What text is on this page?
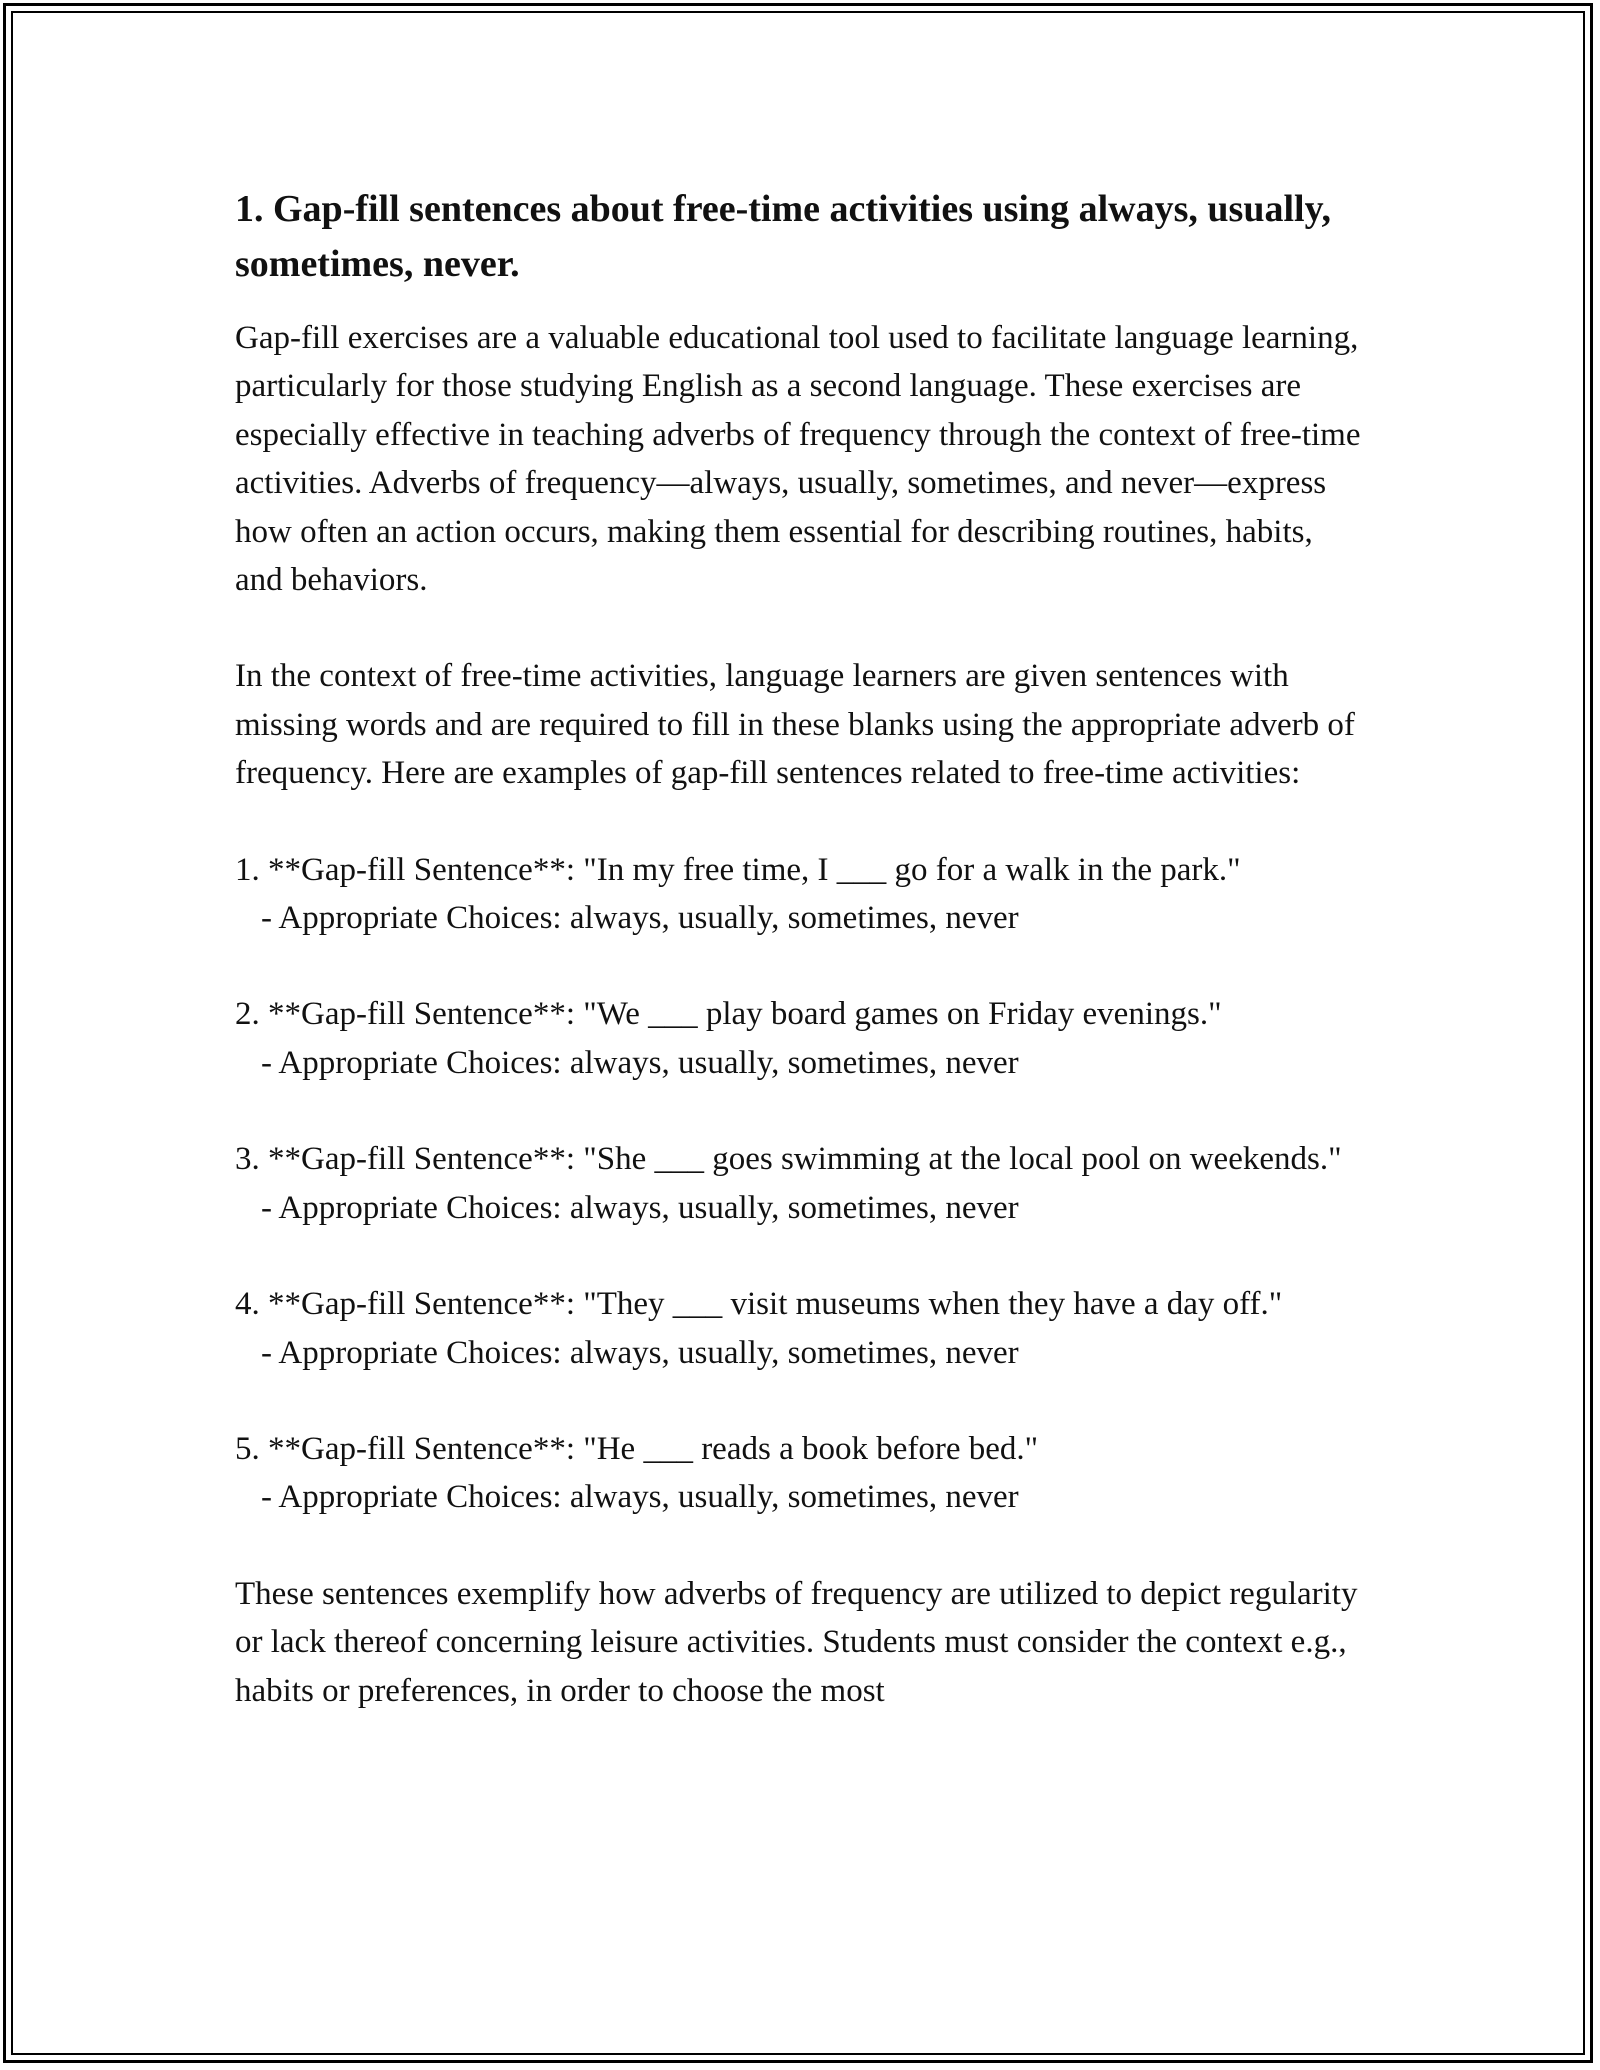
1. Gap-fill sentences about free-time activities using always, usually, sometimes, never.

Gap-fill exercises are a valuable educational tool used to facilitate language learning, particularly for those studying English as a second language. These exercises are especially effective in teaching adverbs of frequency through the context of free-time activities. Adverbs of frequency—always, usually, sometimes, and never—express how often an action occurs, making them essential for describing routines, habits, and behaviors.

In the context of free-time activities, language learners are given sentences with missing words and are required to fill in these blanks using the appropriate adverb of frequency. Here are examples of gap-fill sentences related to free-time activities:

1. **Gap-fill Sentence**: "In my free time, I ___ go for a walk in the park."
- Appropriate Choices: always, usually, sometimes, never
2. **Gap-fill Sentence**: "We ___ play board games on Friday evenings."
- Appropriate Choices: always, usually, sometimes, never
3. **Gap-fill Sentence**: "She ___ goes swimming at the local pool on weekends."
- Appropriate Choices: always, usually, sometimes, never
4. **Gap-fill Sentence**: "They ___ visit museums when they have a day off."
- Appropriate Choices: always, usually, sometimes, never
5. **Gap-fill Sentence**: "He ___ reads a book before bed."
- Appropriate Choices: always, usually, sometimes, never

These sentences exemplify how adverbs of frequency are utilized to depict regularity or lack thereof concerning leisure activities. Students must consider the context e.g., habits or preferences, in order to choose the most
